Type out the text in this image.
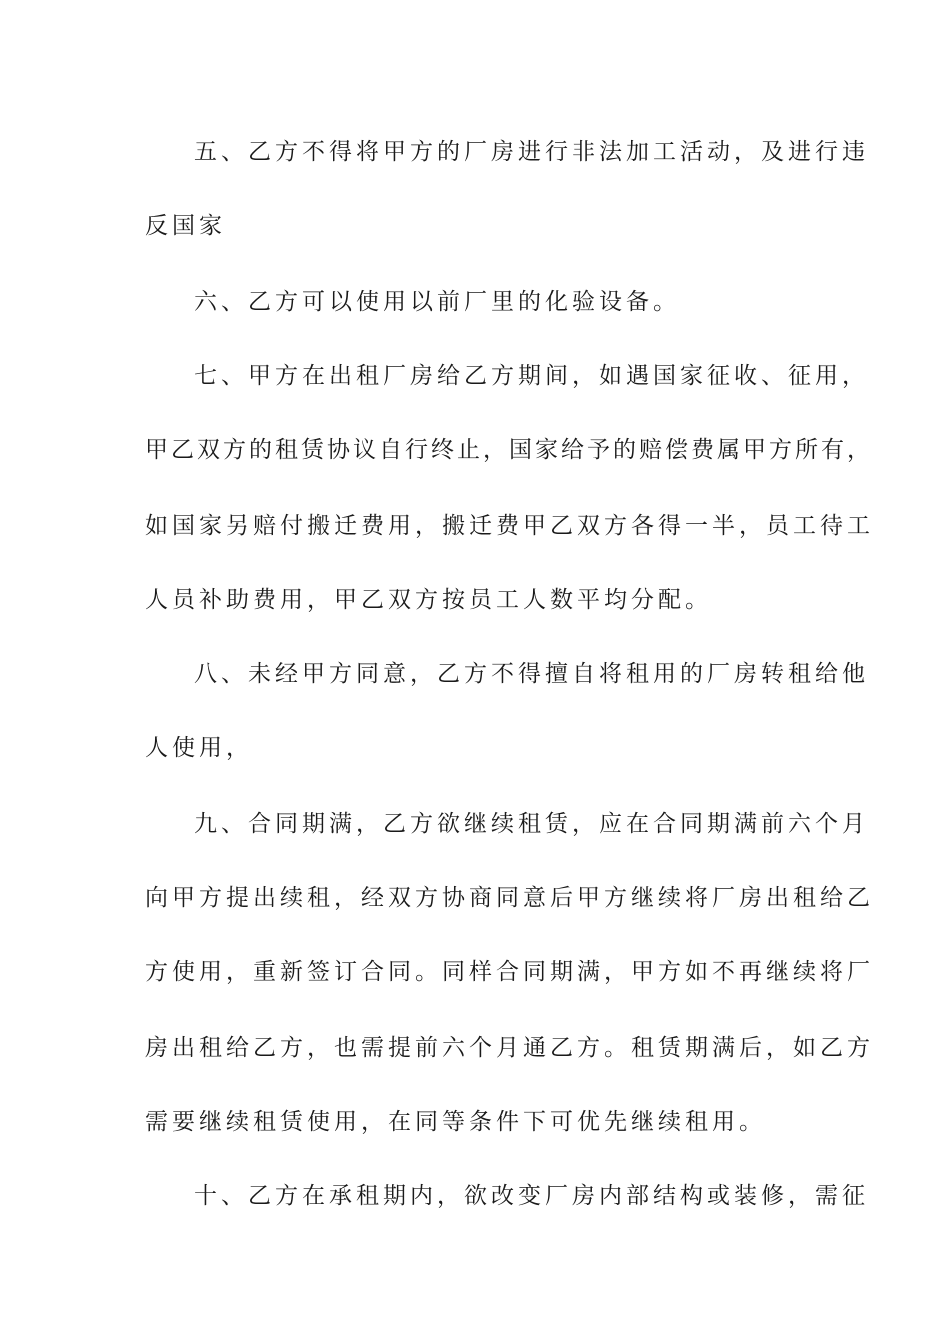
五、乙方不得将甲方的厂房进行非法加工活动，及进行违
反国家
六、乙方可以使用以前厂里的化验设备。
七、甲方在出租厂房给乙方期间，如遇国家征收、征用，
甲乙双方的租赁协议自行终止，国家给予的赔偿费属甲方所有，
如国家另赔付搬迁费用，搬迁费甲乙双方各得一半，员工待工
人员补助费用，甲乙双方按员工人数平均分配。
八、未经甲方同意，乙方不得擅自将租用的厂房转租给他
人使用，
九、合同期满，乙方欲继续租赁，应在合同期满前六个月
向甲方提出续租，经双方协商同意后甲方继续将厂房出租给乙
方使用，重新签订合同。同样合同期满，甲方如不再继续将厂
房出租给乙方，也需提前六个月通乙方。租赁期满后，如乙方
需要继续租赁使用，在同等条件下可优先继续租用。
十、乙方在承租期内，欲改变厂房内部结构或装修，需征
